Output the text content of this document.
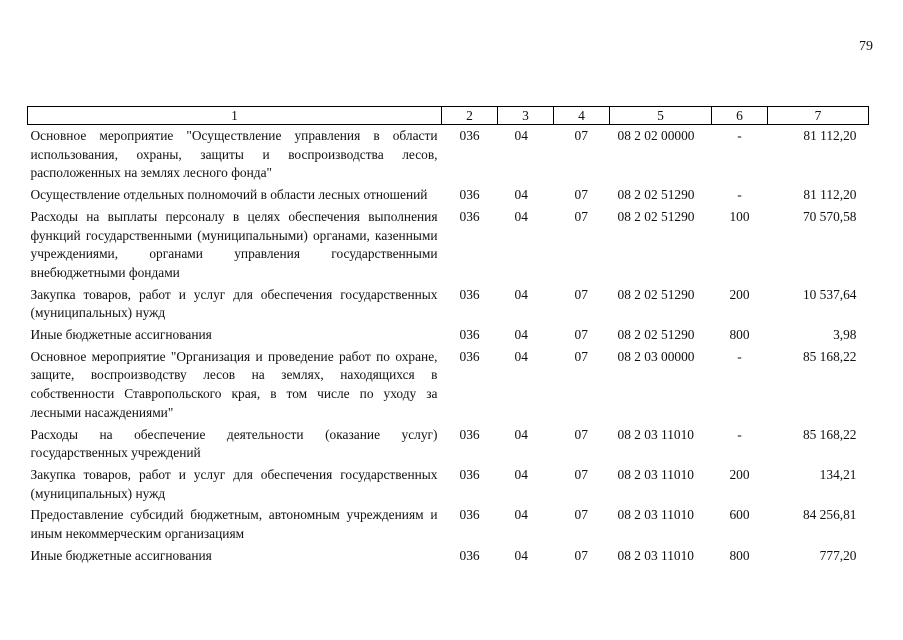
79
1	2	3	4	5	6	7
Основное мероприятие "Осуществление управления в области использования, охраны, защиты и воспроизводства лесов, расположенных на землях лесного фонда"	036	04	07	08 2 02 00000	-	81 112,20
Осуществление отдельных полномочий в области лесных отношений	036	04	07	08 2 02 51290	-	81 112,20
Расходы на выплаты персоналу в целях обеспечения выполнения функций государственными (муниципальными) органами, казенными учреждениями, органами управления государственными внебюджетными фондами	036	04	07	08 2 02 51290	100	70 570,58
Закупка товаров, работ и услуг для обеспечения государственных (муниципальных) нужд	036	04	07	08 2 02 51290	200	10 537,64
Иные бюджетные ассигнования	036	04	07	08 2 02 51290	800	3,98
Основное мероприятие "Организация и проведение работ по охране, защите, воспроизводству лесов на землях, находящихся в собственности Ставропольского края, в том числе по уходу за лесными насаждениями"	036	04	07	08 2 03 00000	-	85 168,22
Расходы на обеспечение деятельности (оказание услуг) государственных учреждений	036	04	07	08 2 03 11010	-	85 168,22
Закупка товаров, работ и услуг для обеспечения государственных (муниципальных) нужд	036	04	07	08 2 03 11010	200	134,21
Предоставление субсидий бюджетным, автономным учреждениям и иным некоммерческим организациям	036	04	07	08 2 03 11010	600	84 256,81
Иные бюджетные ассигнования	036	04	07	08 2 03 11010	800	777,20
